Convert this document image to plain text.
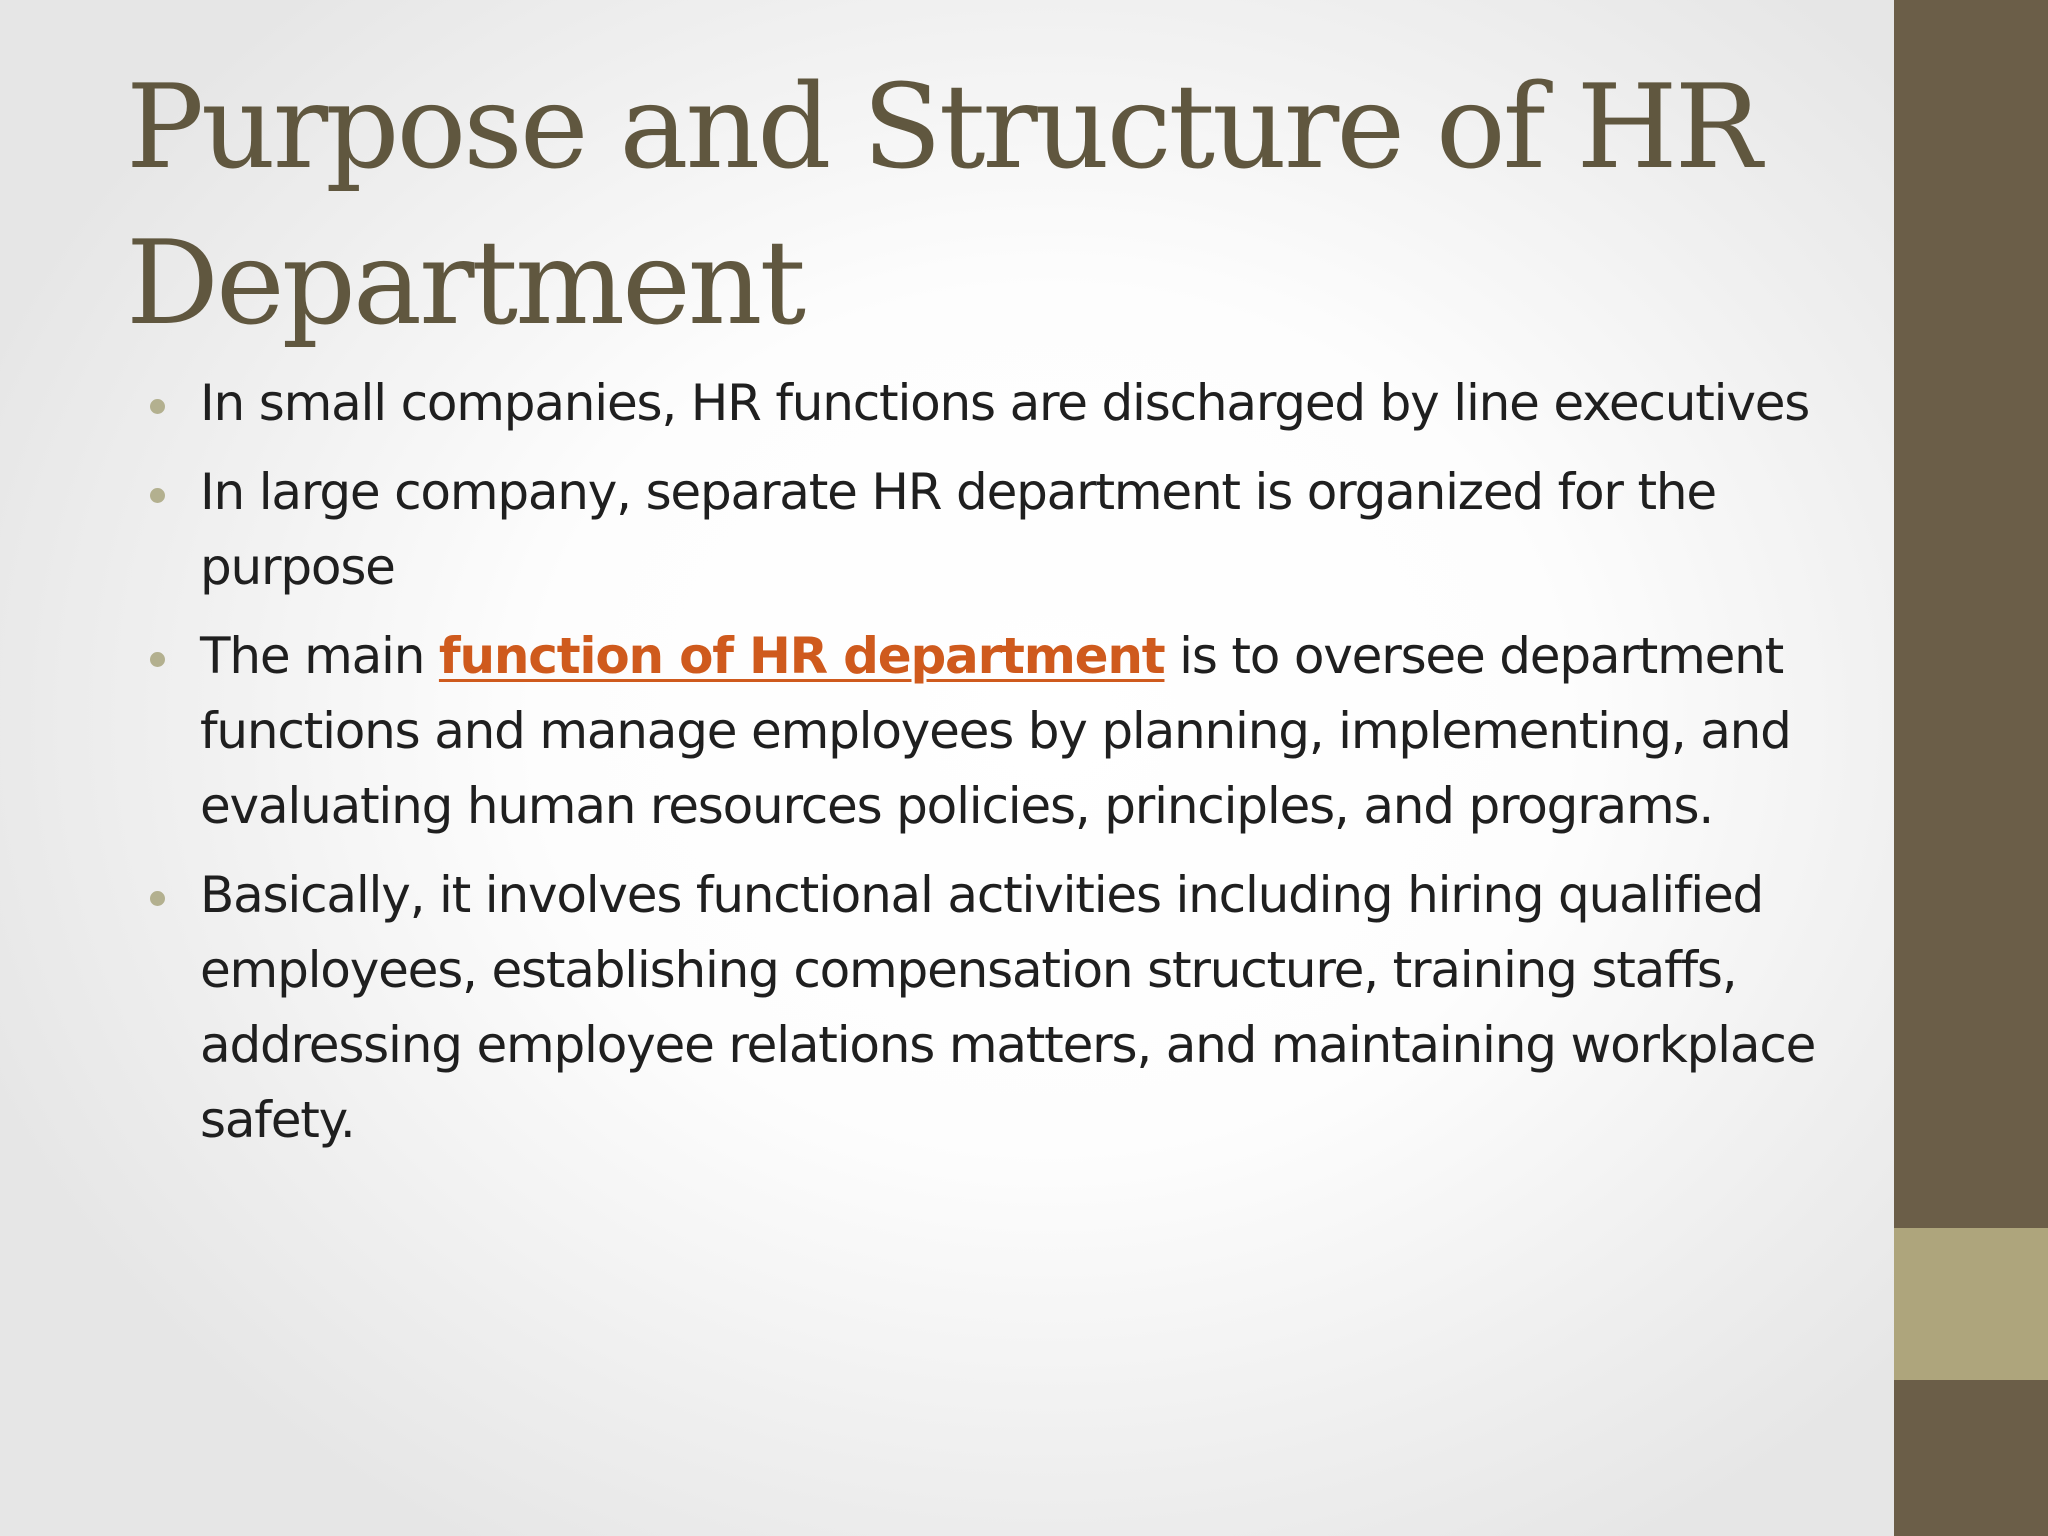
Purpose and Structure of HR Department
In small companies, HR functions are discharged by line executives
In large company, separate HR department is organized for the purpose
The main function of HR department is to oversee department functions and manage employees by planning, implementing, and evaluating human resources policies, principles, and programs.
Basically, it involves functional activities including hiring qualified employees, establishing compensation structure, training staffs, addressing employee relations matters, and maintaining workplace safety.
